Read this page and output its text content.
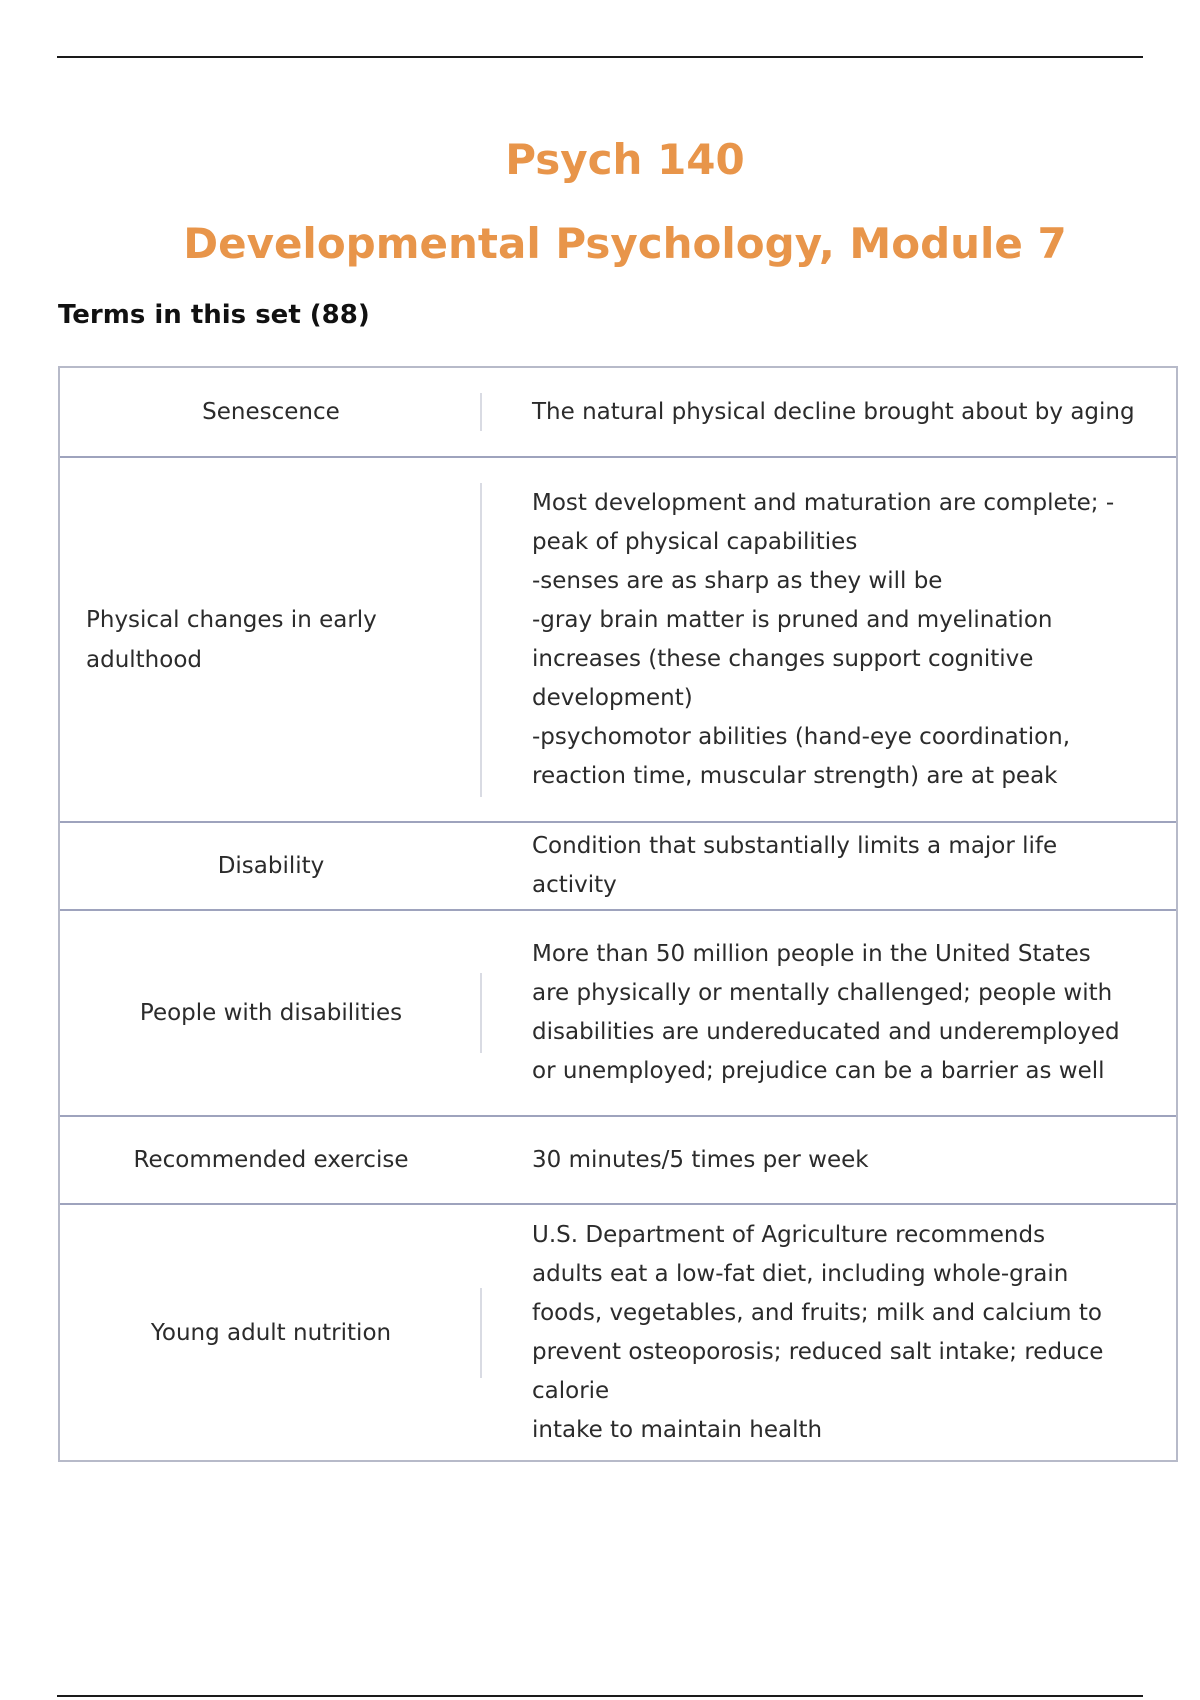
Psych 140
Developmental Psychology, Module 7
Terms in this set (88)
Senescence	The natural physical decline brought about by aging
Physical changes in early adulthood
Most development and maturation are complete; -
peak of physical capabilities
-senses are as sharp as they will be
-gray brain matter is pruned and myelination
increases (these changes support cognitive
development)
-psychomotor abilities (hand-eye coordination,
reaction time, muscular strength) are at peak
Disability
Condition that substantially limits a major life activity
People with disabilities
More than 50 million people in the United States
are physically or mentally challenged; people with
disabilities are undereducated and underemployed
or unemployed; prejudice can be a barrier as well
Recommended exercise	30 minutes/5 times per week
Young adult nutrition
U.S. Department of Agriculture recommends
adults eat a low-fat diet, including whole-grain
foods, vegetables, and fruits; milk and calcium to
prevent osteoporosis; reduced salt intake; reduce
calorie
intake to maintain health
